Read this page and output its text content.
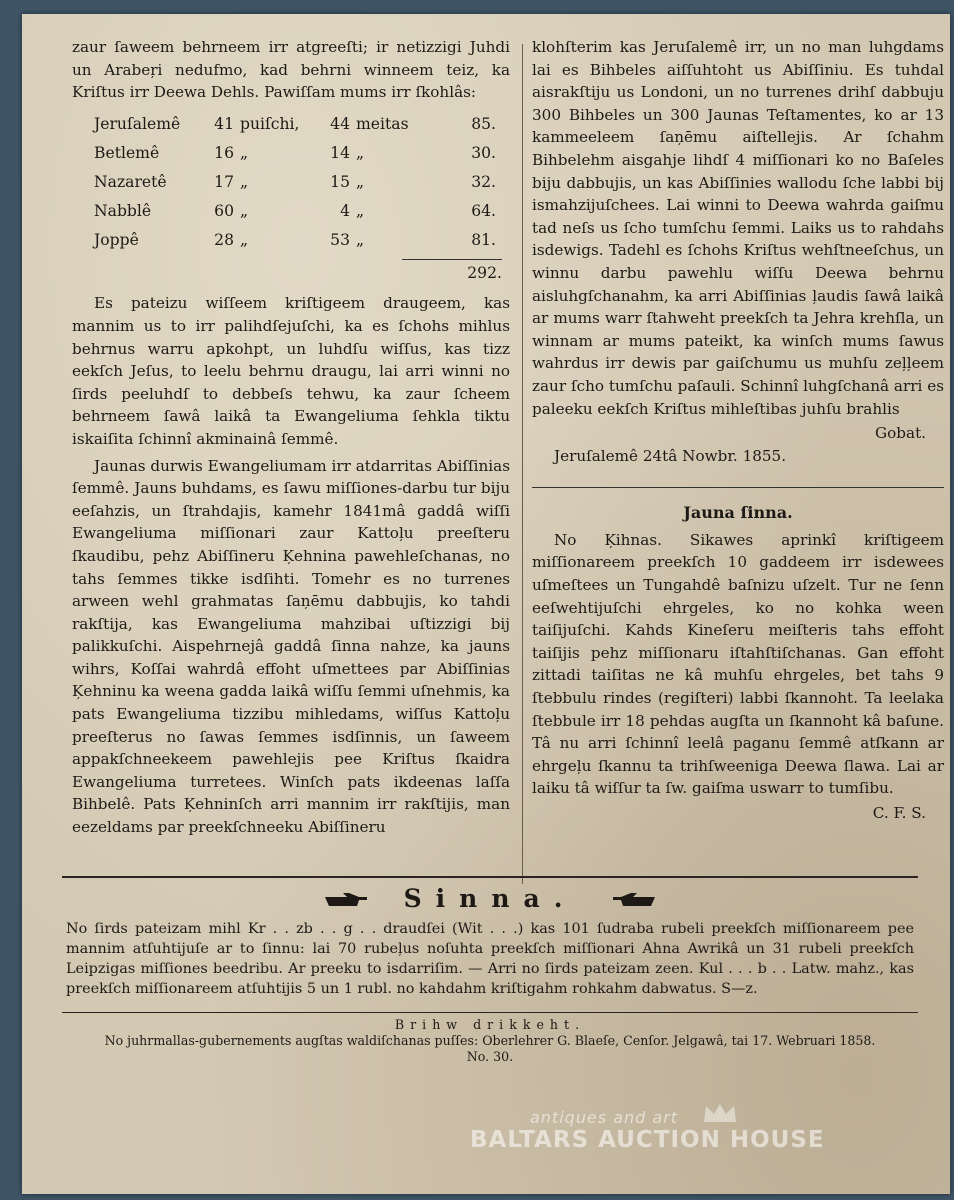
zaur ſaweem behrneem irr atgreeſti; ir netizzigi Juhdi un Arabeŗi nedufmo, kad behrni winneem teiz, ka Kriſtus irr Deewa Dehls. Pawiſſam mums irr ſkohlâs:

Jeruſalemê	41	puiſchi,	44	meitas	85.
Betlemê	16	„	14	„	30.
Nazaretê	17	„	15	„	32.
Nabblê	60	„	4	„	64.
Joppê	28	„	53	„	81.
292.

Es pateizu wiſſeem kriſtigeem draugeem, kas mannim us to irr palihdſejuſchi, ka es ſchohs mihlus behrnus warru apkohpt, un luhdſu wiſſus, kas tizz eekſch Jeſus, to leelu behrnu draugu, lai arri winni no ſirds peeluhdſ to debbeſs tehwu, ka zaur ſcheem behrneem ſawâ laikâ ta Ewangeliuma ſehkla tiktu iskaiſita ſchinnî akminainâ ſemmê.

Jaunas durwis Ewangeliumam irr atdarritas Abiſſinias ſemmê. Jauns buhdams, es ſawu miſſiones-darbu tur biju eeſahzis, un ſtrahdajis, kamehr 1841mâ gaddâ wiſſi Ewangeliuma miſſionari zaur Kattoļu preeſteru ſkaudibu, pehz Abiſſineru Ķehnina pawehleſchanas, no tahs ſemmes tikke isdſihti. Tomehr es no turrenes arween wehl grahmatas ſaņēmu dabbujis, ko tahdi rakſtija, kas Ewangeliuma mahzibai uſtizzigi bij palikkuſchi. Aispehrnejâ gaddâ ſinna nahze, ka jauns wihrs, Koſſai wahrdâ effoht uſmettees par Abiſſinias Ķehninu ka weena gadda laikâ wiſſu ſemmi uſnehmis, ka pats Ewangeliuma tizzibu mihledams, wiſſus Kattoļu preeſterus no ſawas ſemmes isdſinnis, un ſaweem appakſchneekeem pawehlejis pee Kriſtus ſkaidra Ewangeliuma turretees. Winſch pats ikdeenas laſſa Bihbelê. Pats Ķehninſch arri mannim irr rakſtijis, man eezeldams par preekſchneeku Abiſſineru

klohſterim kas Jeruſalemê irr, un no man luhgdams lai es Bihbeles aiſſuhtoht us Abiſſiniu. Es tuhdal aisrakſtiju us Londoni, un no turrenes drihſ dabbuju 300 Bihbeles un 300 Jaunas Teſtamentes, ko ar 13 kammeeleem ſaņēmu aiſtellejis. Ar ſchahm Bihbelehm aisgahje lihdſ 4 miſſionari ko no Baſeles biju dabbujis, un kas Abiſſinies wallodu ſche labbi bij ismahzijuſchees. Lai winni to Deewa wahrda gaiſmu tad neſs us ſcho tumſchu ſemmi. Laiks us to rahdahs isdewigs. Tadehl es ſchohs Kriſtus wehſtneeſchus, un winnu darbu pawehlu wiſſu Deewa behrnu aisluhgſchanahm, ka arri Abiſſinias ļaudis ſawâ laikâ ar mums warr ſtahweht preekſch ta Jehra krehſla, un winnam ar mums pateikt, ka winſch mums ſawus wahrdus irr dewis par gaiſchumu us muhſu zeļļeem zaur ſcho tumſchu paſauli. Schinnî luhgſchanâ arri es paleeku eekſch Kriſtus mihleſtibas juhſu brahlis

Gobat.

Jeruſalemê 24tâ Nowbr. 1855.

Jauna ſinna.

No Ķihnas. Sikawes aprinkî kriſtigeem miſſionareem preekſch 10 gaddeem irr isdewees uſmeſtees un Tungahdê baſnizu uſzelt. Tur ne ſenn eeſwehtijuſchi ehrgeles, ko no kohka ween taiſijuſchi. Kahds Kineſeru meiſteris tahs effoht taiſijis pehz miſſionaru iſtahſtiſchanas. Gan effoht zittadi taiſitas ne kâ muhſu ehrgeles, bet tahs 9 ſtebbulu rindes (regiſteri) labbi ſkannoht. Ta leelaka ſtebbule irr 18 pehdas augſta un ſkannoht kâ baſune. Tâ nu arri ſchinnî leelâ paganu ſemmê atſkann ar ehrgeļu ſkannu ta trihſweeniga Deewa ſlawa. Lai ar laiku tâ wiſſur ta ſw. gaiſma uswarr to tumſibu.

C. F. S.
Sinna.

No ſirds pateizam mihl Kr . . zb . . g . . draudſei (Wit . . .) kas 101 ſudraba rubeli preekſch miſſionareem pee mannim atſuhtijuſe ar to ſinnu: lai 70 rubeļus noſuhta preekſch miſſionari Ahna Awrikâ un 31 rubeli preekſch Leipzigas miſſiones beedribu. Ar preeku to isdarriſim. — Arri no ſirds pateizam zeen. Kul . . . b . . Latw. mahz., kas preekſch miſſionareem atſuhtijis 5 un 1 rubl. no kahdahm kriſtigahm rohkahm dabwatus. S—z.

Brihw drikkeht.
No juhrmallas-gubernements augſtas waldiſchanas puſſes: Oberlehrer G. Blaeſe, Cenſor. Jelgawâ, tai 17. Webruari 1858.
No. 30.
antiques and art
BALTARS AUCTION HOUSE
